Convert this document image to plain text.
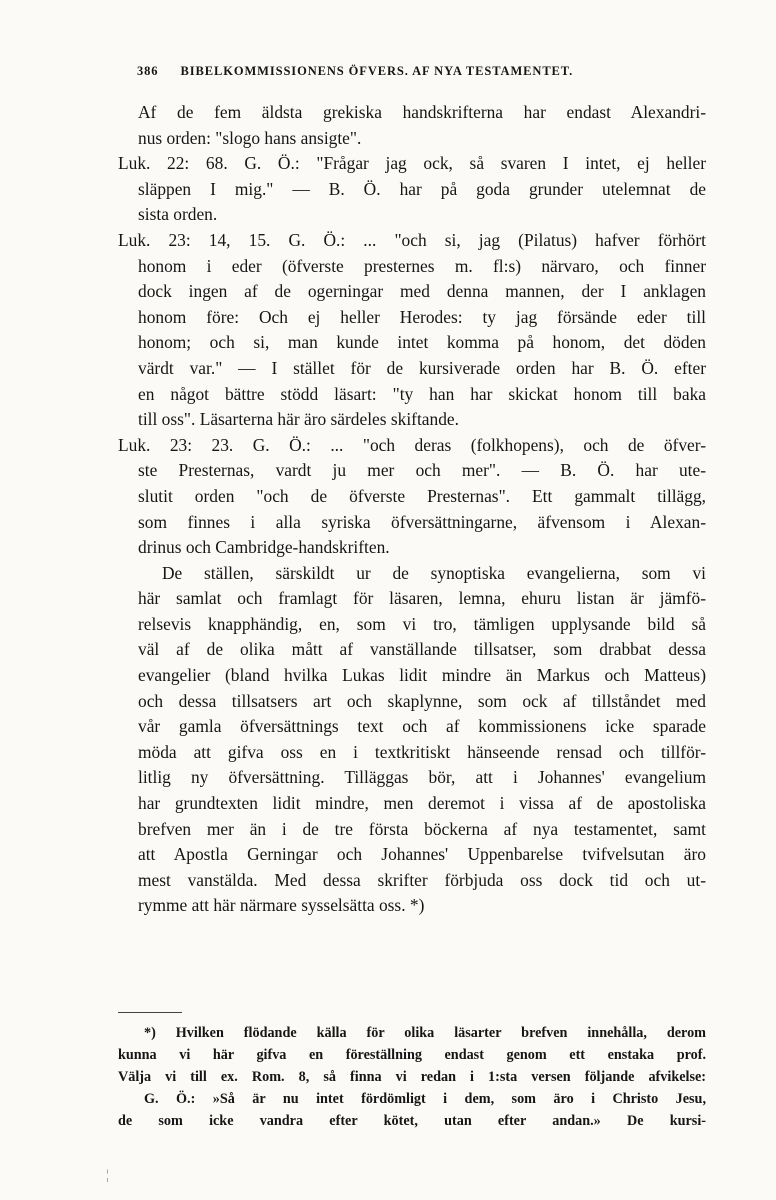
386 BIBELKOMMISSIONENS ÖFVERS. AF NYA TESTAMENTET.
Af de fem äldsta grekiska handskrifterna har endast Alexandri-
nus orden: "slogo hans ansigte".
Luk. 22: 68. G. Ö.: "Frågar jag ock, så svaren I intet, ej heller
släppen I mig." — B. Ö. har på goda grunder utelemnat de
sista orden.
Luk. 23: 14, 15. G. Ö.: ... "och si, jag (Pilatus) hafver förhört
honom i eder (öfverste presternes m. fl:s) närvaro, och finner
dock ingen af de ogerningar med denna mannen, der I anklagen
honom före: Och ej heller Herodes: ty jag försände eder till
honom; och si, man kunde intet komma på honom, det döden
värdt var." — I stället för de kursiverade orden har B. Ö. efter
en något bättre stödd läsart: "ty han har skickat honom till baka
till oss". Läsarterna här äro särdeles skiftande.
Luk. 23: 23. G. Ö.: ... "och deras (folkhopens), och de öfver-
ste Presternas, vardt ju mer och mer". — B. Ö. har ute-
slutit orden "och de öfverste Presternas". Ett gammalt tillägg,
som finnes i alla syriska öfversättningarne, äfvensom i Alexan-
drinus och Cambridge-handskriften.
De ställen, särskildt ur de synoptiska evangelierna, som vi
här samlat och framlagt för läsaren, lemna, ehuru listan är jämfö-
relsevis knapphändig, en, som vi tro, tämligen upplysande bild så
väl af de olika mått af vanställande tillsatser, som drabbat dessa
evangelier (bland hvilka Lukas lidit mindre än Markus och Matteus)
och dessa tillsatsers art och skaplynne, som ock af tillståndet med
vår gamla öfversättnings text och af kommissionens icke sparade
möda att gifva oss en i textkritiskt hänseende rensad och tillför-
litlig ny öfversättning. Tilläggas bör, att i Johannes' evangelium
har grundtexten lidit mindre, men deremot i vissa af de apostoliska
brefven mer än i de tre första böckerna af nya testamentet, samt
att Apostla Gerningar och Johannes' Uppenbarelse tvifvelsutan äro
mest vanstälda. Med dessa skrifter förbjuda oss dock tid och ut-
rymme att här närmare sysselsätta oss. *)
*) Hvilken flödande källa för olika läsarter brefven innehålla, derom
kunna vi här gifva en föreställning endast genom ett enstaka prof.
Välja vi till ex. Rom. 8, så finna vi redan i 1:sta versen följande afvikelse:
G. Ö.: »Så är nu intet fördömligt i dem, som äro i Christo Jesu,
de som icke vandra efter kötet, utan efter andan.» De kursi-
¦
